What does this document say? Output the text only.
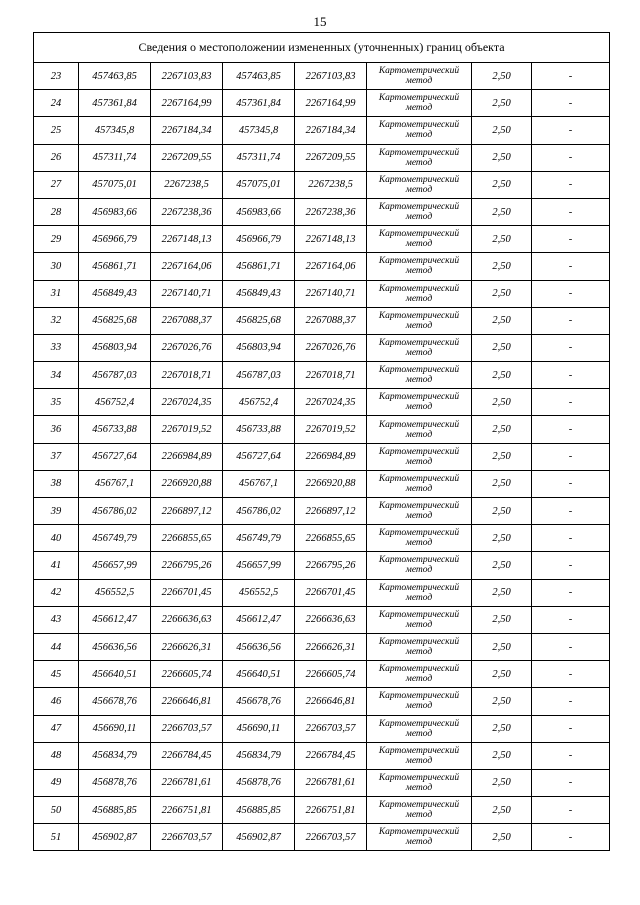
15
Сведения о местоположении измененных (уточненных) границ объекта							
23	457463,85	2267103,83	457463,85	2267103,83	Картометрический метод	2,50	-
24	457361,84	2267164,99	457361,84	2267164,99	Картометрический метод	2,50	-
25	457345,8	2267184,34	457345,8	2267184,34	Картометрический метод	2,50	-
26	457311,74	2267209,55	457311,74	2267209,55	Картометрический метод	2,50	-
27	457075,01	2267238,5	457075,01	2267238,5	Картометрический метод	2,50	-
28	456983,66	2267238,36	456983,66	2267238,36	Картометрический метод	2,50	-
29	456966,79	2267148,13	456966,79	2267148,13	Картометрический метод	2,50	-
30	456861,71	2267164,06	456861,71	2267164,06	Картометрический метод	2,50	-
31	456849,43	2267140,71	456849,43	2267140,71	Картометрический метод	2,50	-
32	456825,68	2267088,37	456825,68	2267088,37	Картометрический метод	2,50	-
33	456803,94	2267026,76	456803,94	2267026,76	Картометрический метод	2,50	-
34	456787,03	2267018,71	456787,03	2267018,71	Картометрический метод	2,50	-
35	456752,4	2267024,35	456752,4	2267024,35	Картометрический метод	2,50	-
36	456733,88	2267019,52	456733,88	2267019,52	Картометрический метод	2,50	-
37	456727,64	2266984,89	456727,64	2266984,89	Картометрический метод	2,50	-
38	456767,1	2266920,88	456767,1	2266920,88	Картометрический метод	2,50	-
39	456786,02	2266897,12	456786,02	2266897,12	Картометрический метод	2,50	-
40	456749,79	2266855,65	456749,79	2266855,65	Картометрический метод	2,50	-
41	456657,99	2266795,26	456657,99	2266795,26	Картометрический метод	2,50	-
42	456552,5	2266701,45	456552,5	2266701,45	Картометрический метод	2,50	-
43	456612,47	2266636,63	456612,47	2266636,63	Картометрический метод	2,50	-
44	456636,56	2266626,31	456636,56	2266626,31	Картометрический метод	2,50	-
45	456640,51	2266605,74	456640,51	2266605,74	Картометрический метод	2,50	-
46	456678,76	2266646,81	456678,76	2266646,81	Картометрический метод	2,50	-
47	456690,11	2266703,57	456690,11	2266703,57	Картометрический метод	2,50	-
48	456834,79	2266784,45	456834,79	2266784,45	Картометрический метод	2,50	-
49	456878,76	2266781,61	456878,76	2266781,61	Картометрический метод	2,50	-
50	456885,85	2266751,81	456885,85	2266751,81	Картометрический метод	2,50	-
51	456902,87	2266703,57	456902,87	2266703,57	Картометрический метод	2,50	-
